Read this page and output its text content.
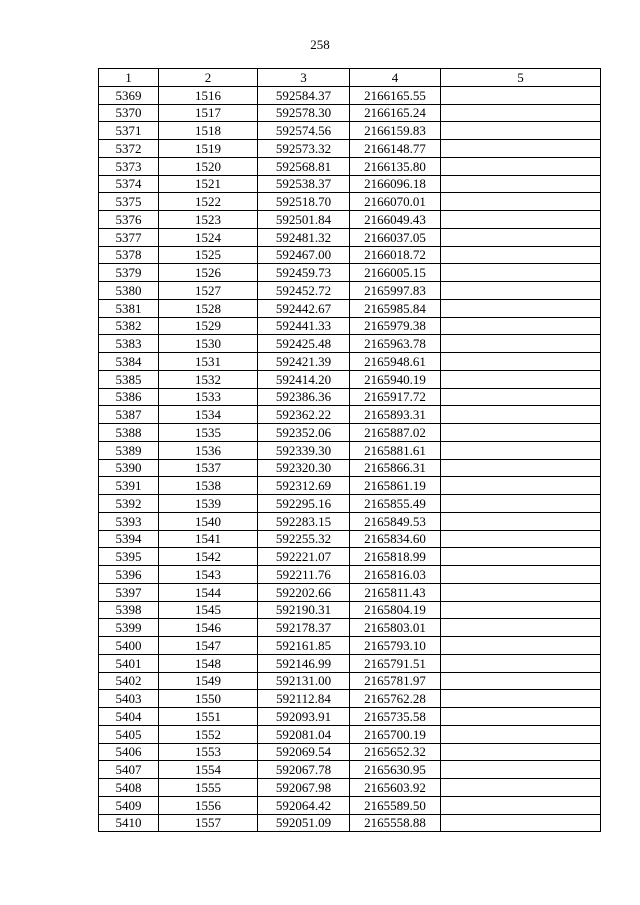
258
1	2	3	4	5
5369	1516	592584.37	2166165.55	
5370	1517	592578.30	2166165.24	
5371	1518	592574.56	2166159.83	
5372	1519	592573.32	2166148.77	
5373	1520	592568.81	2166135.80	
5374	1521	592538.37	2166096.18	
5375	1522	592518.70	2166070.01	
5376	1523	592501.84	2166049.43	
5377	1524	592481.32	2166037.05	
5378	1525	592467.00	2166018.72	
5379	1526	592459.73	2166005.15	
5380	1527	592452.72	2165997.83	
5381	1528	592442.67	2165985.84	
5382	1529	592441.33	2165979.38	
5383	1530	592425.48	2165963.78	
5384	1531	592421.39	2165948.61	
5385	1532	592414.20	2165940.19	
5386	1533	592386.36	2165917.72	
5387	1534	592362.22	2165893.31	
5388	1535	592352.06	2165887.02	
5389	1536	592339.30	2165881.61	
5390	1537	592320.30	2165866.31	
5391	1538	592312.69	2165861.19	
5392	1539	592295.16	2165855.49	
5393	1540	592283.15	2165849.53	
5394	1541	592255.32	2165834.60	
5395	1542	592221.07	2165818.99	
5396	1543	592211.76	2165816.03	
5397	1544	592202.66	2165811.43	
5398	1545	592190.31	2165804.19	
5399	1546	592178.37	2165803.01	
5400	1547	592161.85	2165793.10	
5401	1548	592146.99	2165791.51	
5402	1549	592131.00	2165781.97	
5403	1550	592112.84	2165762.28	
5404	1551	592093.91	2165735.58	
5405	1552	592081.04	2165700.19	
5406	1553	592069.54	2165652.32	
5407	1554	592067.78	2165630.95	
5408	1555	592067.98	2165603.92	
5409	1556	592064.42	2165589.50	
5410	1557	592051.09	2165558.88	
